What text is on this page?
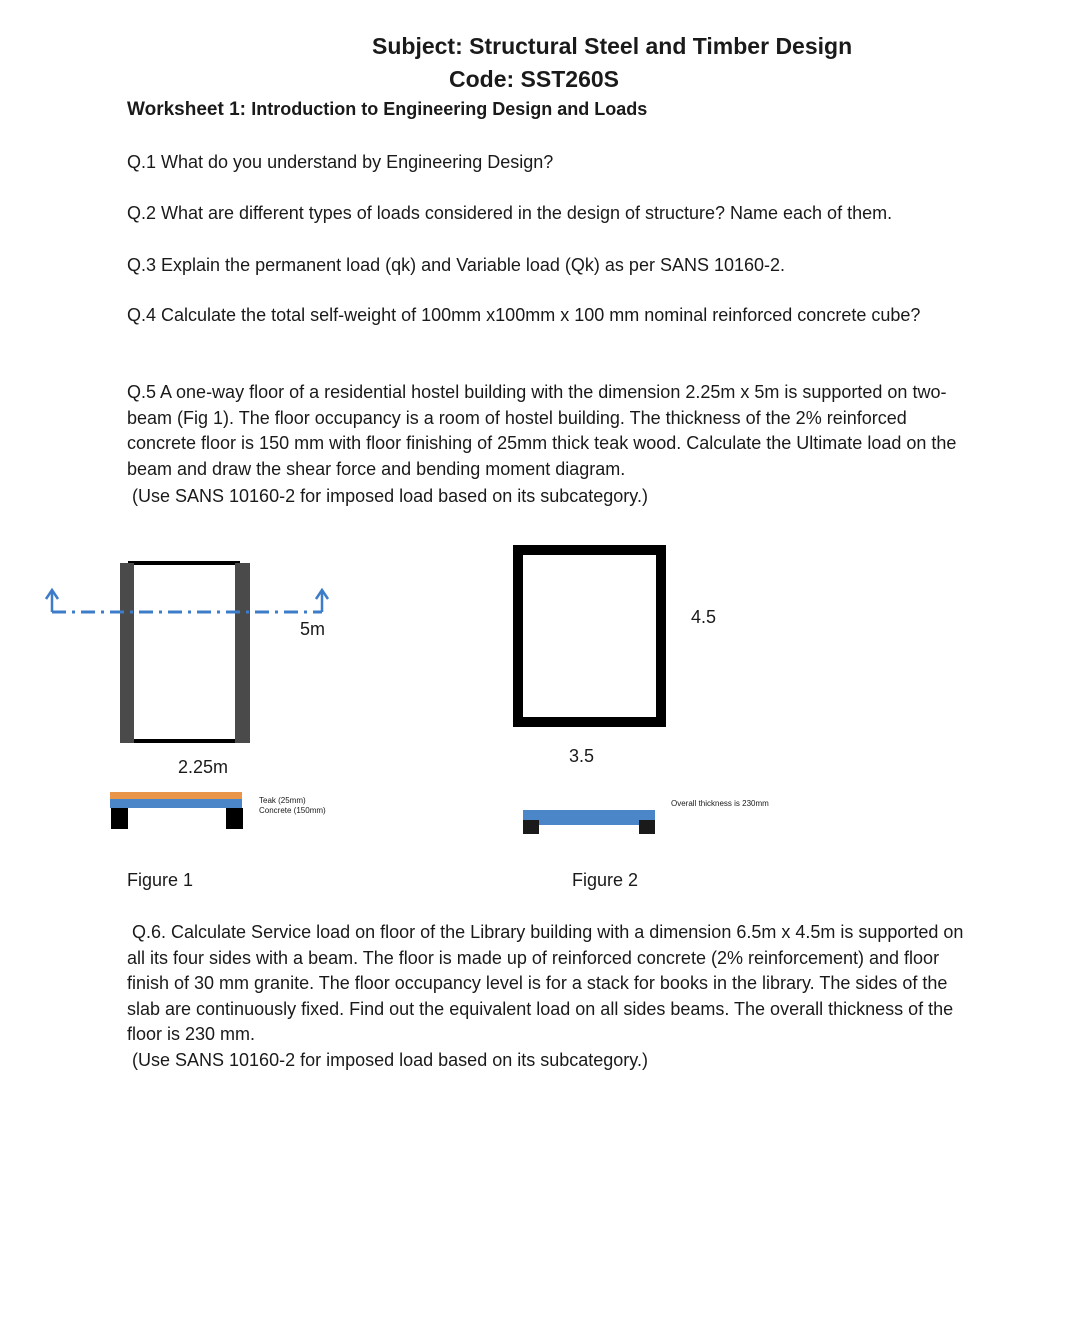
Subject: Structural Steel and Timber Design
Code: SST260S
Worksheet 1: Introduction to Engineering Design and Loads
Q.1 What do you understand by Engineering Design?
Q.2 What are different types of loads considered in the design of structure? Name each of them.
Q.3 Explain the permanent load (qk) and Variable load (Qk) as per SANS 10160-2.
Q.4 Calculate the total self-weight of 100mm x100mm x 100 mm nominal reinforced concrete cube?
Q.5 A one-way floor of a residential hostel building with the dimension 2.25m x 5m is supported on two-beam (Fig 1). The floor occupancy is a room of hostel building. The thickness of the 2% reinforced concrete floor is 150 mm with floor finishing of 25mm thick teak wood. Calculate the Ultimate load on the beam and draw the shear force and bending moment diagram.
(Use SANS 10160-2 for imposed load based on its subcategory.)
5m
2.25m
Teak (25mm)
Concrete (150mm)
Figure 1
4.5
3.5
Overall thickness is 230mm
Figure 2
Q.6. Calculate Service load on floor of the Library building with a dimension 6.5m x 4.5m is supported on all its four sides with a beam. The floor is made up of reinforced concrete (2% reinforcement) and floor finish of 30 mm granite. The floor occupancy level is for a stack for books in the library. The sides of the slab are continuously fixed. Find out the equivalent load on all sides beams. The overall thickness of the floor is 230 mm.
(Use SANS 10160-2 for imposed load based on its subcategory.)
